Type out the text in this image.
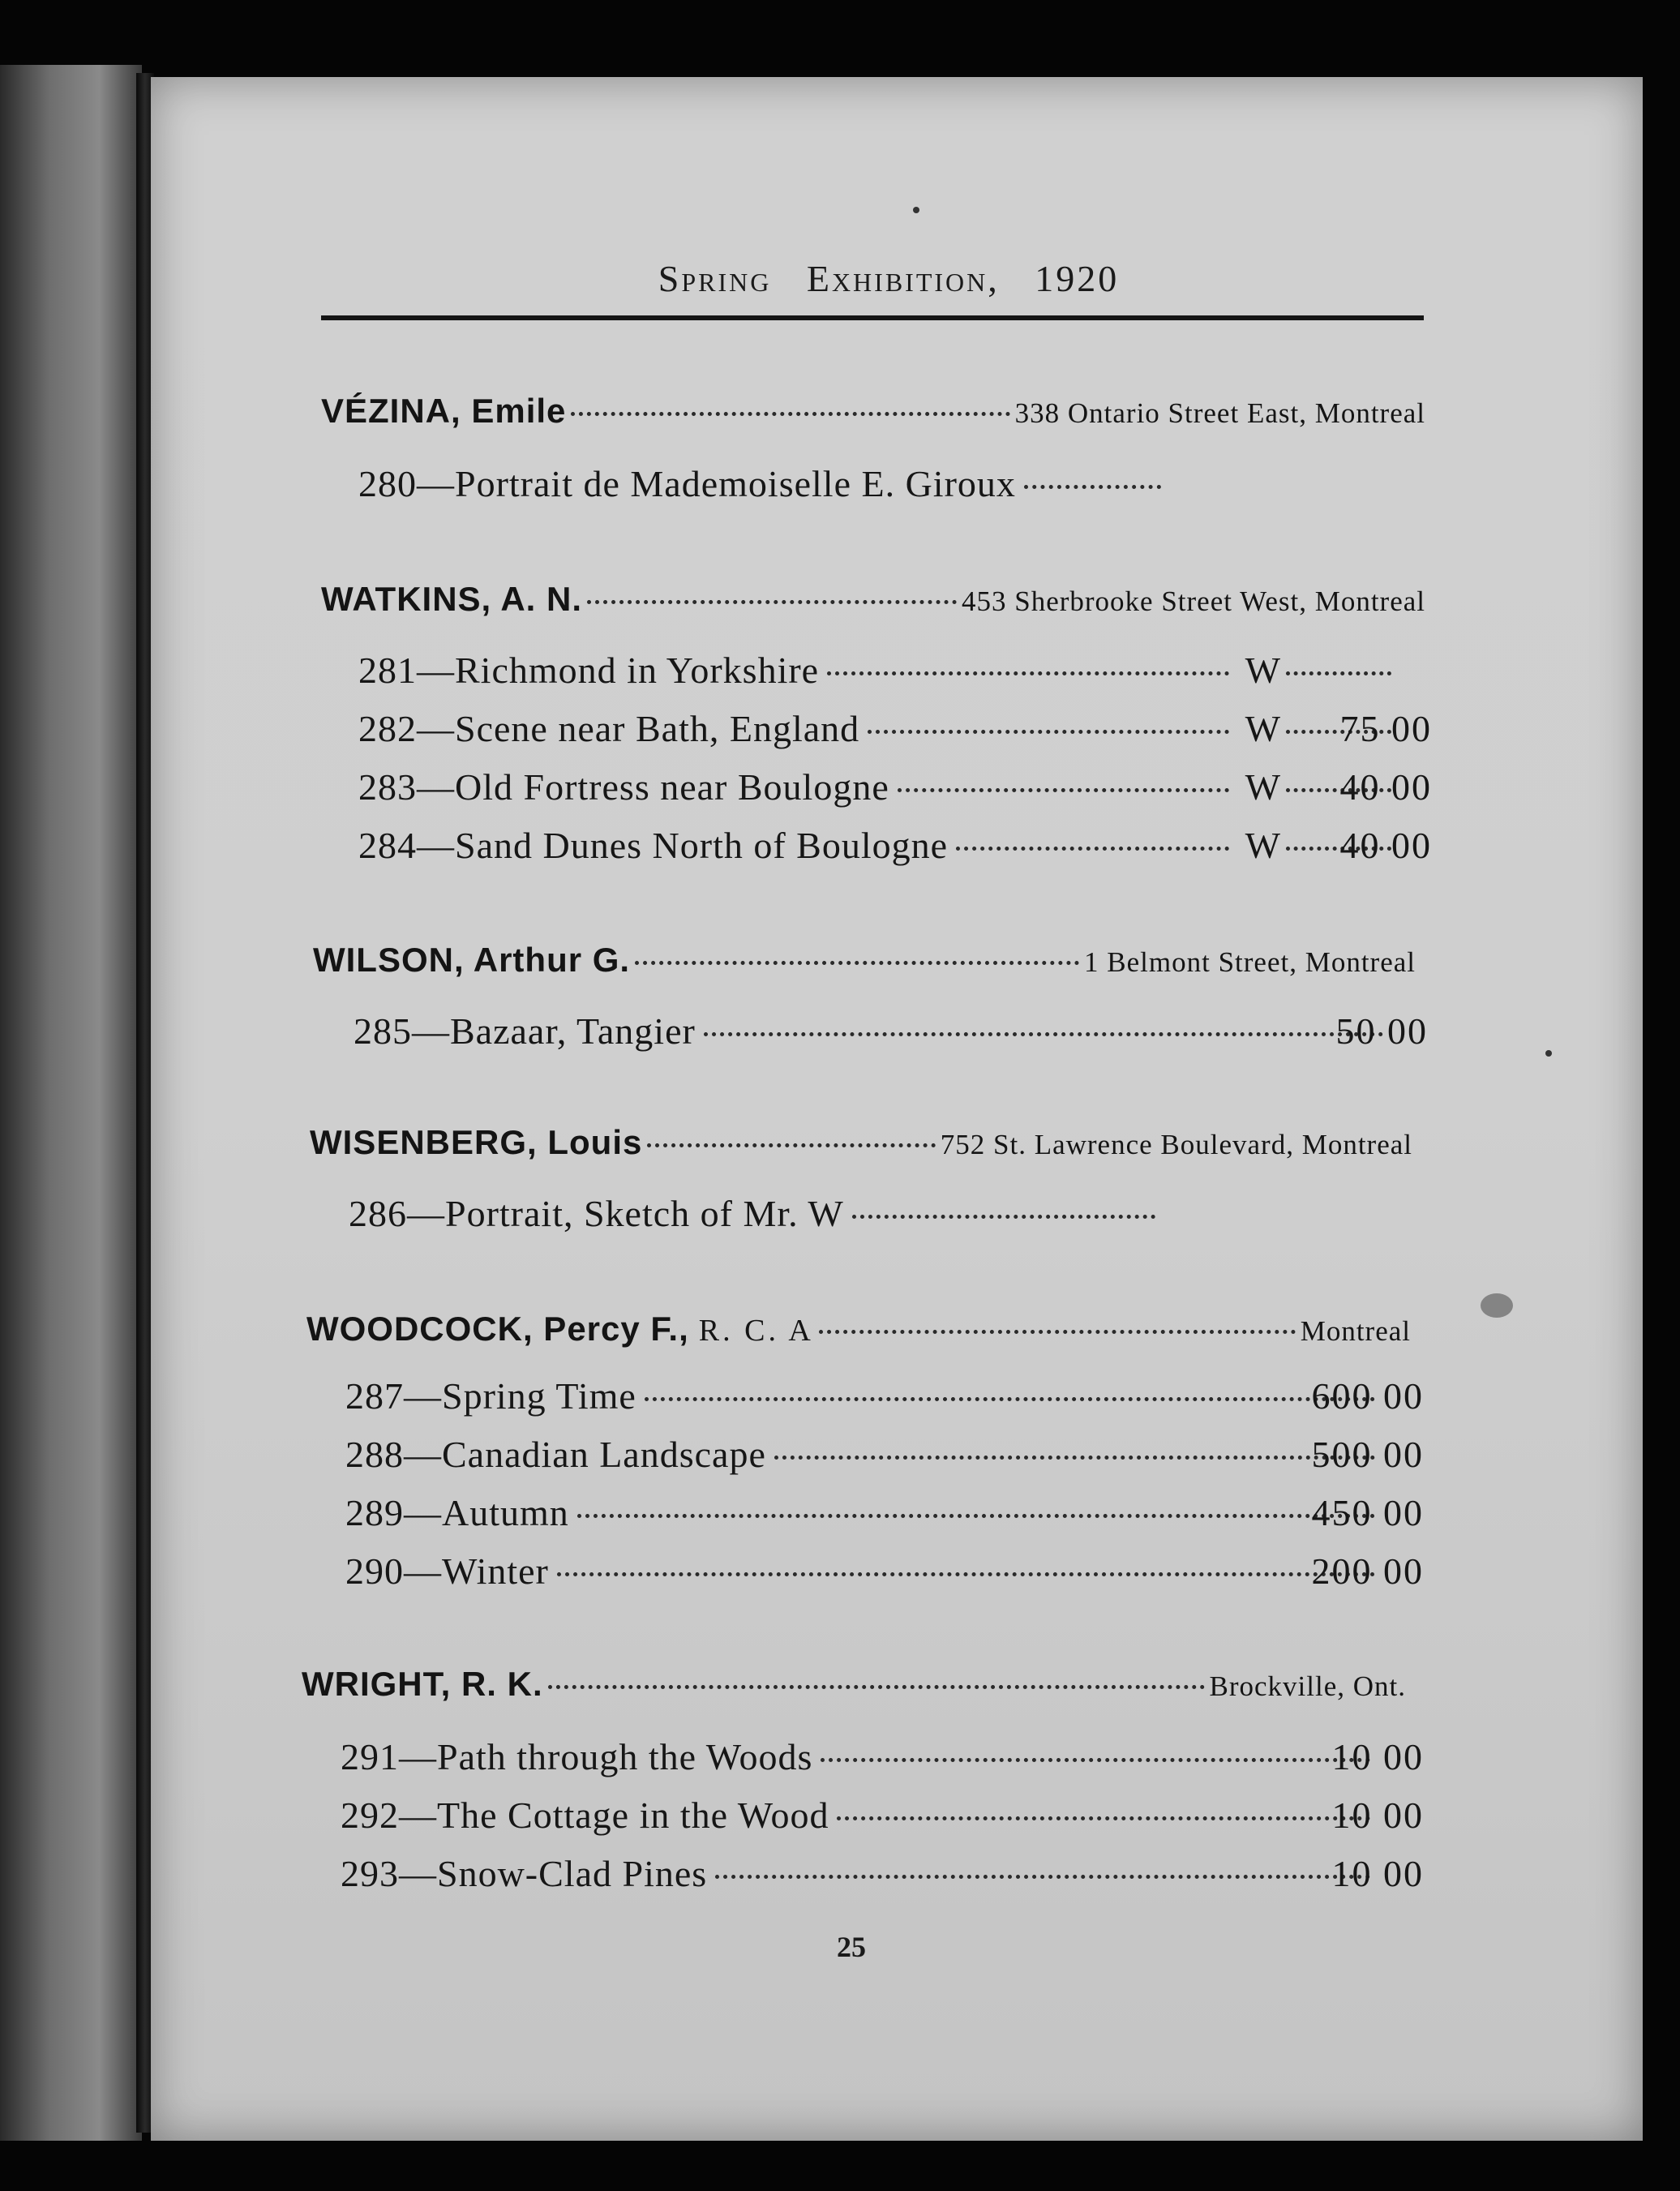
Spring Exhibition, 1920
VÉZINA, Emile	338 Ontario Street East, Montreal
280 — Portrait de Mademoiselle E. Giroux
WATKINS, A. N.	453 Sherbrooke Street West, Montreal
281 — Richmond in Yorkshire	W
282 — Scene near Bath, England	W	75 00
283 — Old Fortress near Boulogne	W	40 00
284 — Sand Dunes North of Boulogne	W	40 00
WILSON, Arthur G.	1 Belmont Street, Montreal
285 — Bazaar, Tangier	50 00
WISENBERG, Louis	752 St. Lawrence Boulevard, Montreal
286 — Portrait, Sketch of Mr. W
WOODCOCK, Percy F., R. C. A	Montreal
287 — Spring Time	600 00
288 — Canadian Landscape	500 00
289 — Autumn	450 00
290 — Winter	200 00
WRIGHT, R. K.	Brockville, Ont.
291 — Path through the Woods	10 00
292 — The Cottage in the Wood	10 00
293 — Snow-Clad Pines	10 00
25
